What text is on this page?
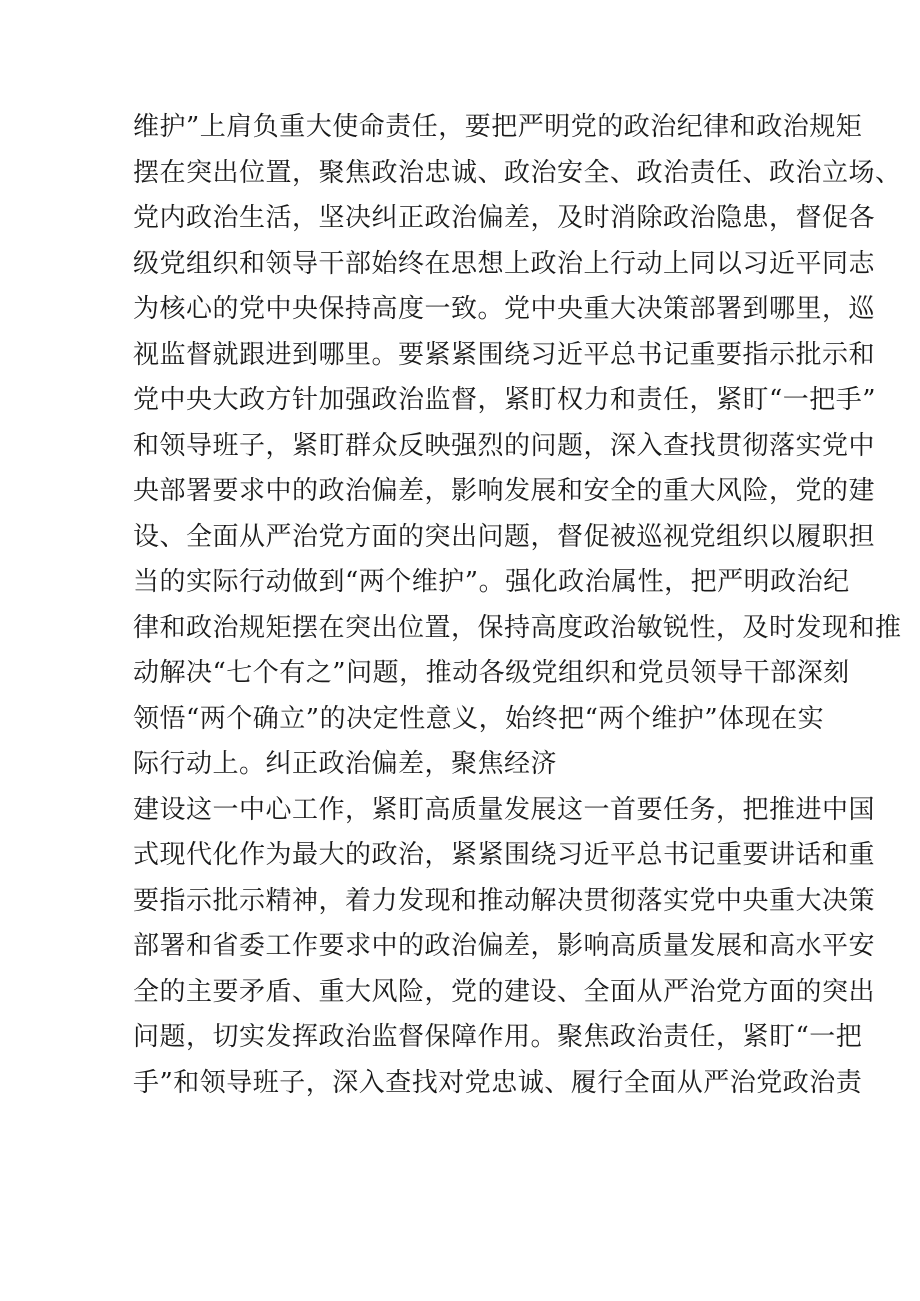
维护”上肩负重大使命责任，要把严明党的政治纪律和政治规矩
摆在突出位置，聚焦政治忠诚、政治安全、政治责任、政治立场、
党内政治生活，坚决纠正政治偏差，及时消除政治隐患，督促各
级党组织和领导干部始终在思想上政治上行动上同以习近平同志
为核心的党中央保持高度一致。党中央重大决策部署到哪里，巡
视监督就跟进到哪里。要紧紧围绕习近平总书记重要指示批示和
党中央大政方针加强政治监督，紧盯权力和责任，紧盯“一把手”
和领导班子，紧盯群众反映强烈的问题，深入查找贯彻落实党中
央部署要求中的政治偏差，影响发展和安全的重大风险，党的建
设、全面从严治党方面的突出问题，督促被巡视党组织以履职担
当的实际行动做到“两个维护”。强化政治属性，把严明政治纪
律和政治规矩摆在突出位置，保持高度政治敏锐性，及时发现和推
动解决“七个有之”问题，推动各级党组织和党员领导干部深刻
领悟“两个确立”的决定性意义，始终把“两个维护”体现在实
际行动上。纠正政治偏差，聚焦经济
建设这一中心工作，紧盯高质量发展这一首要任务，把推进中国
式现代化作为最大的政治，紧紧围绕习近平总书记重要讲话和重
要指示批示精神，着力发现和推动解决贯彻落实党中央重大决策
部署和省委工作要求中的政治偏差，影响高质量发展和高水平安
全的主要矛盾、重大风险，党的建设、全面从严治党方面的突出
问题，切实发挥政治监督保障作用。聚焦政治责任，紧盯“一把
手”和领导班子，深入查找对党忠诚、履行全面从严治党政治责
